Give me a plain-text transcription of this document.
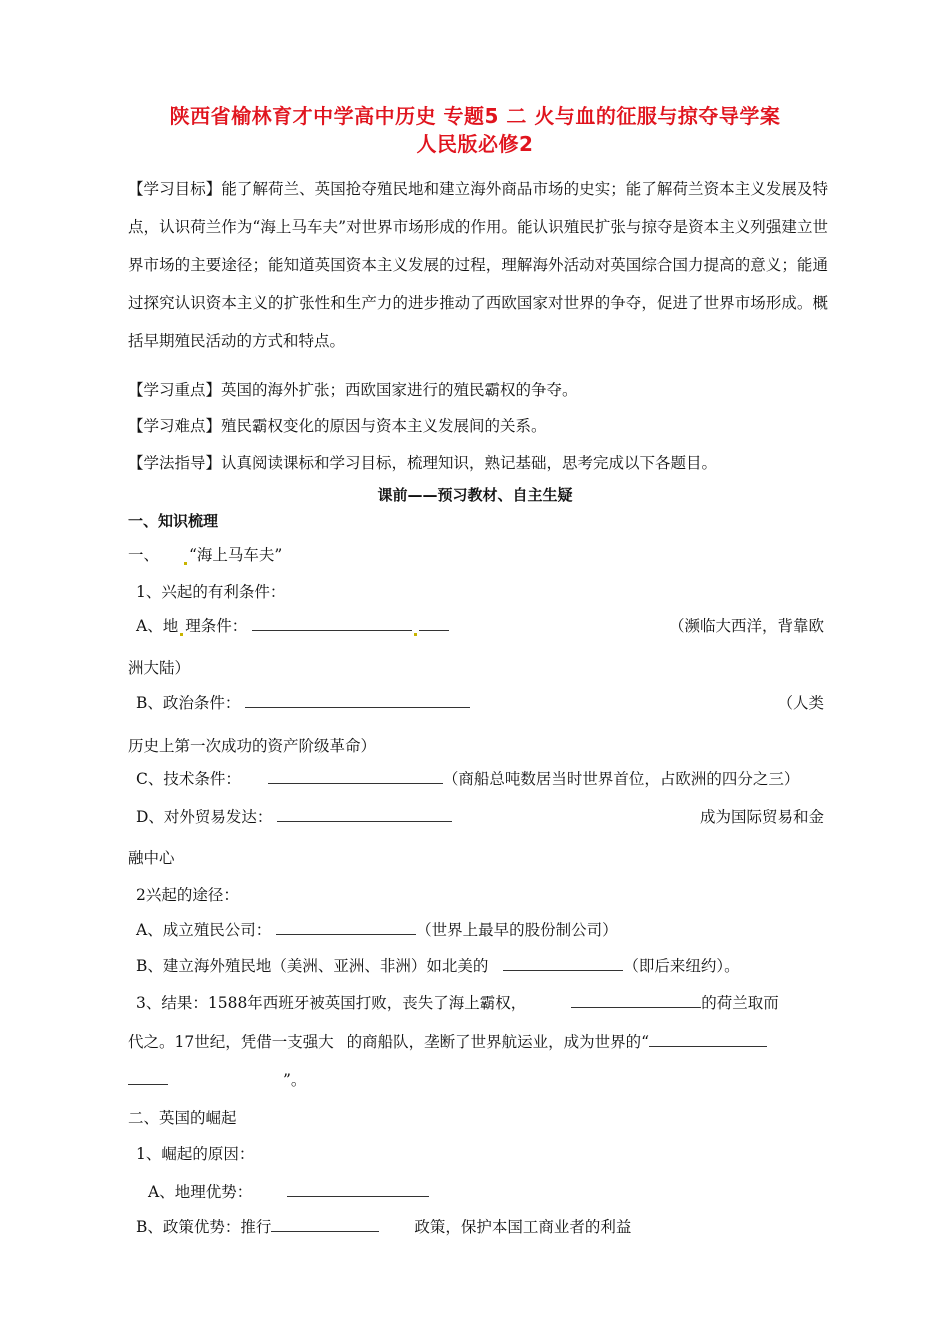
陕西省榆林育才中学高中历史 专题5 二 火与血的征服与掠夺导学案
人民版必修2
【学习目标】能了解荷兰、英国抢夺殖民地和建立海外商品市场的史实；能了解荷兰资本主义发展及特点，认识荷兰作为“海上马车夫”对世界市场形成的作用。能认识殖民扩张与掠夺是资本主义列强建立世界市场的主要途径；能知道英国资本主义发展的过程，理解海外活动对英国综合国力提高的意义；能通过探究认识资本主义的扩张性和生产力的进步推动了西欧国家对世界的争夺，促进了世界市场形成。概括早期殖民活动的方式和特点。
【学习重点】英国的海外扩张；西欧国家进行的殖民霸权的争夺。
【学习难点】殖民霸权变化的原因与资本主义发展间的关系。
【学法指导】认真阅读课标和学习目标，梳理知识，熟记基础，思考完成以下各题目。
课前——预习教材、自主生疑
一、知识梳理
一、 “海上马车夫”
1、兴起的有利条件：
A、地 理条件：	（濒临大西洋，背靠欧
洲大陆）
B、政治条件：	（人类
历史上第一次成功的资产阶级革命）
C、技术条件：	（商船总吨数居当时世界首位，占欧洲的四分之三）
D、对外贸易发达：	成为国际贸易和金
融中心
2兴起的途径：
A、成立殖民公司：	（世界上最早的股份制公司）
B、建立海外殖民地（美洲、亚洲、非洲）如北美的	（即后来纽约）。
3、结果：1588年西班牙被英国打败，丧失了海上霸权，	的荷兰取而
代之。17世纪，凭借一支强大 的商船队，垄断了世界航运业，成为世界的“
”。
二、英国的崛起
1、崛起的原因：
A、地理优势：
B、政策优势：推行	政策，保护本国工商业者的利益
